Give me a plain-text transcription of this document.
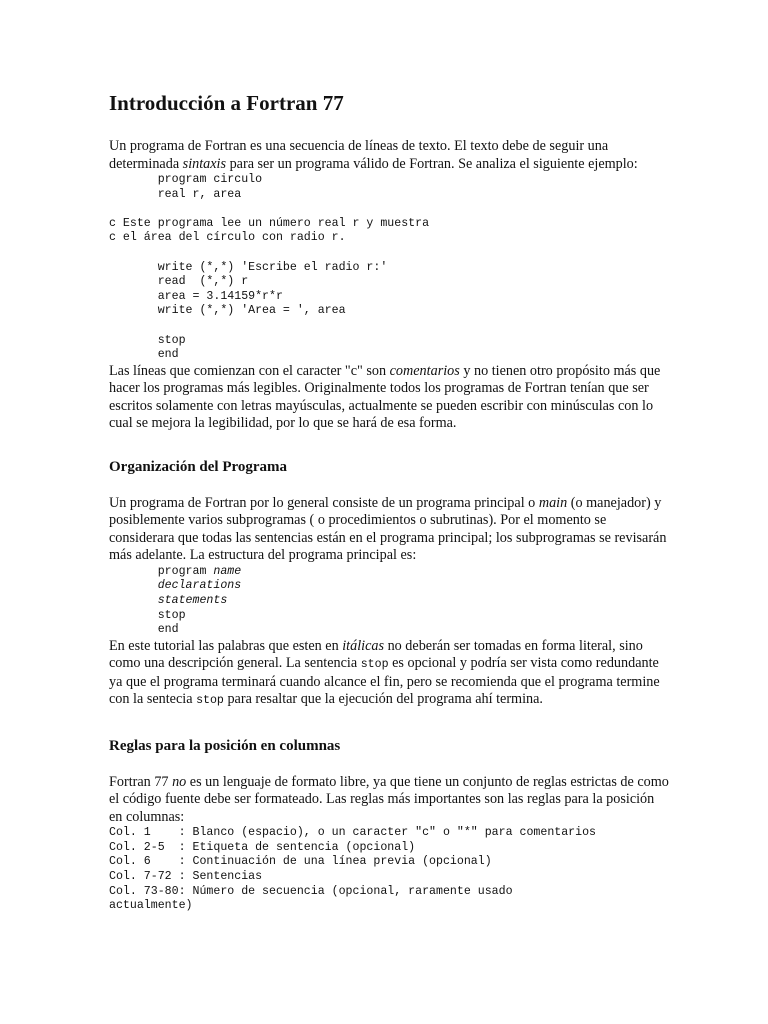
Introducción a Fortran 77

Un programa de Fortran es una secuencia de líneas de texto. El texto debe de seguir una determinada sintaxis para ser un programa válido de Fortran. Se analiza el siguiente ejemplo:

program circulo
real r, area

c Este programa lee un número real r y muestra
c el área del círculo con radio r.

write (*,*) 'Escribe el radio r:'
read  (*,*) r
area = 3.14159*r*r
write (*,*) 'Area = ', area

stop
end

Las líneas que comienzan con el caracter "c" son comentarios y no tienen otro propósito más que hacer los programas más legibles. Originalmente todos los programas de Fortran tenían que ser escritos solamente con letras mayúsculas, actualmente se pueden escribir con minúsculas con lo cual se mejora la legibilidad, por lo que se hará de esa forma.

Organización del Programa

Un programa de Fortran por lo general consiste de un programa principal o main (o manejador) y posiblemente varios subprogramas ( o procedimientos o subrutinas). Por el momento se considerara que todas las sentencias están en el programa principal; los subprogramas se revisarán más adelante. La estructura del programa principal es:

program name
declarations
statements
stop
end

En este tutorial las palabras que esten en itálicas no deberán ser tomadas en forma literal, sino como una descripción general. La sentencia stop es opcional y podría ser vista como redundante ya que el programa terminará cuando alcance el fin, pero se recomienda que el programa termine con la sentecia stop para resaltar que la ejecución del programa ahí termina.

Reglas para la posición en columnas

Fortran 77 no es un lenguaje de formato libre, ya que tiene un conjunto de reglas estrictas de como el código fuente debe ser formateado. Las reglas más importantes son las reglas para la posición en columnas:

Col. 1    : Blanco (espacio), o un caracter "c" o "*" para comentarios
Col. 2-5  : Etiqueta de sentencia (opcional)
Col. 6    : Continuación de una línea previa (opcional)
Col. 7-72 : Sentencias
Col. 73-80: Número de secuencia (opcional, raramente usado
actualmente)
